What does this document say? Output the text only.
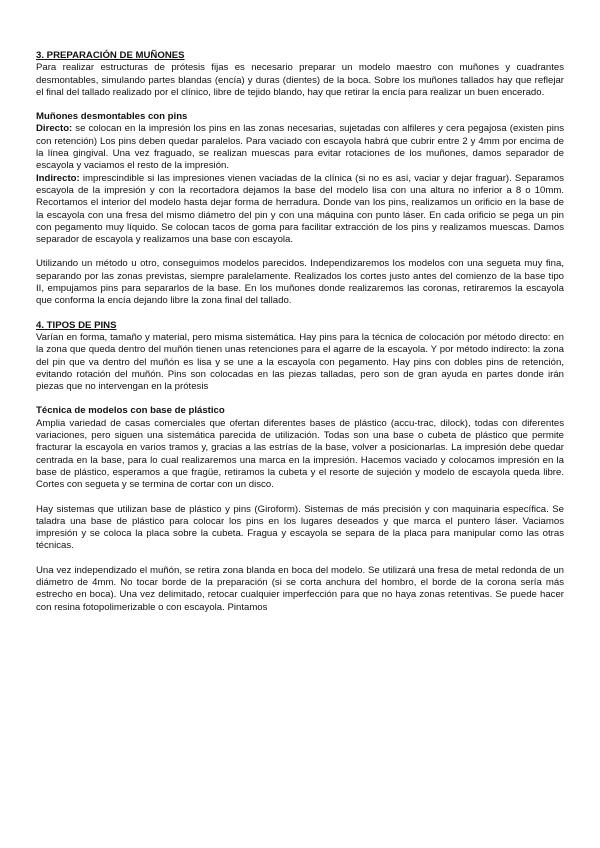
3. PREPARACIÓN DE MUÑONES

Para realizar estructuras de prótesis fijas es necesario preparar un modelo maestro con muñones y cuadrantes desmontables, simulando partes blandas (encía) y duras (dientes) de la boca. Sobre los muñones tallados hay que reflejar el final del tallado realizado por el clínico, libre de tejido blando, hay que retirar la encía para realizar un buen encerado.

Muñones desmontables con pins

Directo: se colocan en la impresión los pins en las zonas necesarias, sujetadas con alfileres y cera pegajosa (existen pins con retención) Los pins deben quedar paralelos. Para vaciado con escayola habrá que cubrir entre 2 y 4mm por encima de la línea gingival. Una vez fraguado, se realizan muescas para evitar rotaciones de los muñones, damos separador de escayola y vaciamos el resto de la impresión.

Indirecto: imprescindible si las impresiones vienen vaciadas de la clínica (si no es así, vaciar y dejar fraguar). Separamos escayola de la impresión y con la recortadora dejamos la base del modelo lisa con una altura no inferior a 8 o 10mm. Recortamos el interior del modelo hasta dejar forma de herradura. Donde van los pins, realizamos un orificio en la base de la escayola con una fresa del mismo diámetro del pin y con una máquina con punto láser. En cada orificio se pega un pin con pegamento muy líquido. Se colocan tacos de goma para facilitar extracción de los pins y realizamos muescas. Damos separador de escayola y realizamos una base con escayola.

Utilizando un método u otro, conseguimos modelos parecidos. Independizaremos los modelos con una segueta muy fina, separando por las zonas previstas, siempre paralelamente. Realizados los cortes justo antes del comienzo de la base tipo II, empujamos pins para separarlos de la base. En los muñones donde realizaremos las coronas, retiraremos la escayola que conforma la encía dejando libre la zona final del tallado.

4. TIPOS DE PINS

Varían en forma, tamaño y material, pero misma sistemática. Hay pins para la técnica de colocación por método directo: en la zona que queda dentro del muñón tienen unas retenciones para el agarre de la escayola. Y por método indirecto: la zona del pin que va dentro del muñón es lisa y se une a la escayola con pegamento. Hay pins con dobles pins de retención, evitando rotación del muñón. Pins son colocadas en las piezas talladas, pero son de gran ayuda en partes donde irán piezas que no intervengan en la prótesis

Técnica de modelos con base de plástico

Amplia variedad de casas comerciales que ofertan diferentes bases de plástico (accu-trac, dilock), todas con diferentes variaciones, pero siguen una sistemática parecida de utilización. Todas son una base o cubeta de plástico que permite fracturar la escayola en varios tramos y, gracias a las estrías de la base, volver a posicionarlas. La impresión debe quedar centrada en la base, para lo cual realizaremos una marca en la impresión. Hacemos vaciado y colocamos impresión en la base de plástico, esperamos a que fragüe, retiramos la cubeta y el resorte de sujeción y modelo de escayola queda libre. Cortes con segueta y se termina de cortar con un disco.

Hay sistemas que utilizan base de plástico y pins (Giroform). Sistemas de más precisión y con maquinaria específica. Se taladra una base de plástico para colocar los pins en los lugares deseados y que marca el puntero láser. Vaciamos impresión y se coloca la placa sobre la cubeta. Fragua y escayola se separa de la placa para manipular como las otras técnicas.

Una vez independizado el muñón, se retira zona blanda en boca del modelo. Se utilizará una fresa de metal redonda de un diámetro de 4mm. No tocar borde de la preparación (si se corta anchura del hombro, el borde de la corona sería más estrecho en boca). Una vez delimitado, retocar cualquier imperfección para que no haya zonas retentivas. Se puede hacer con resina fotopolimerizable o con escayola. Pintamos
